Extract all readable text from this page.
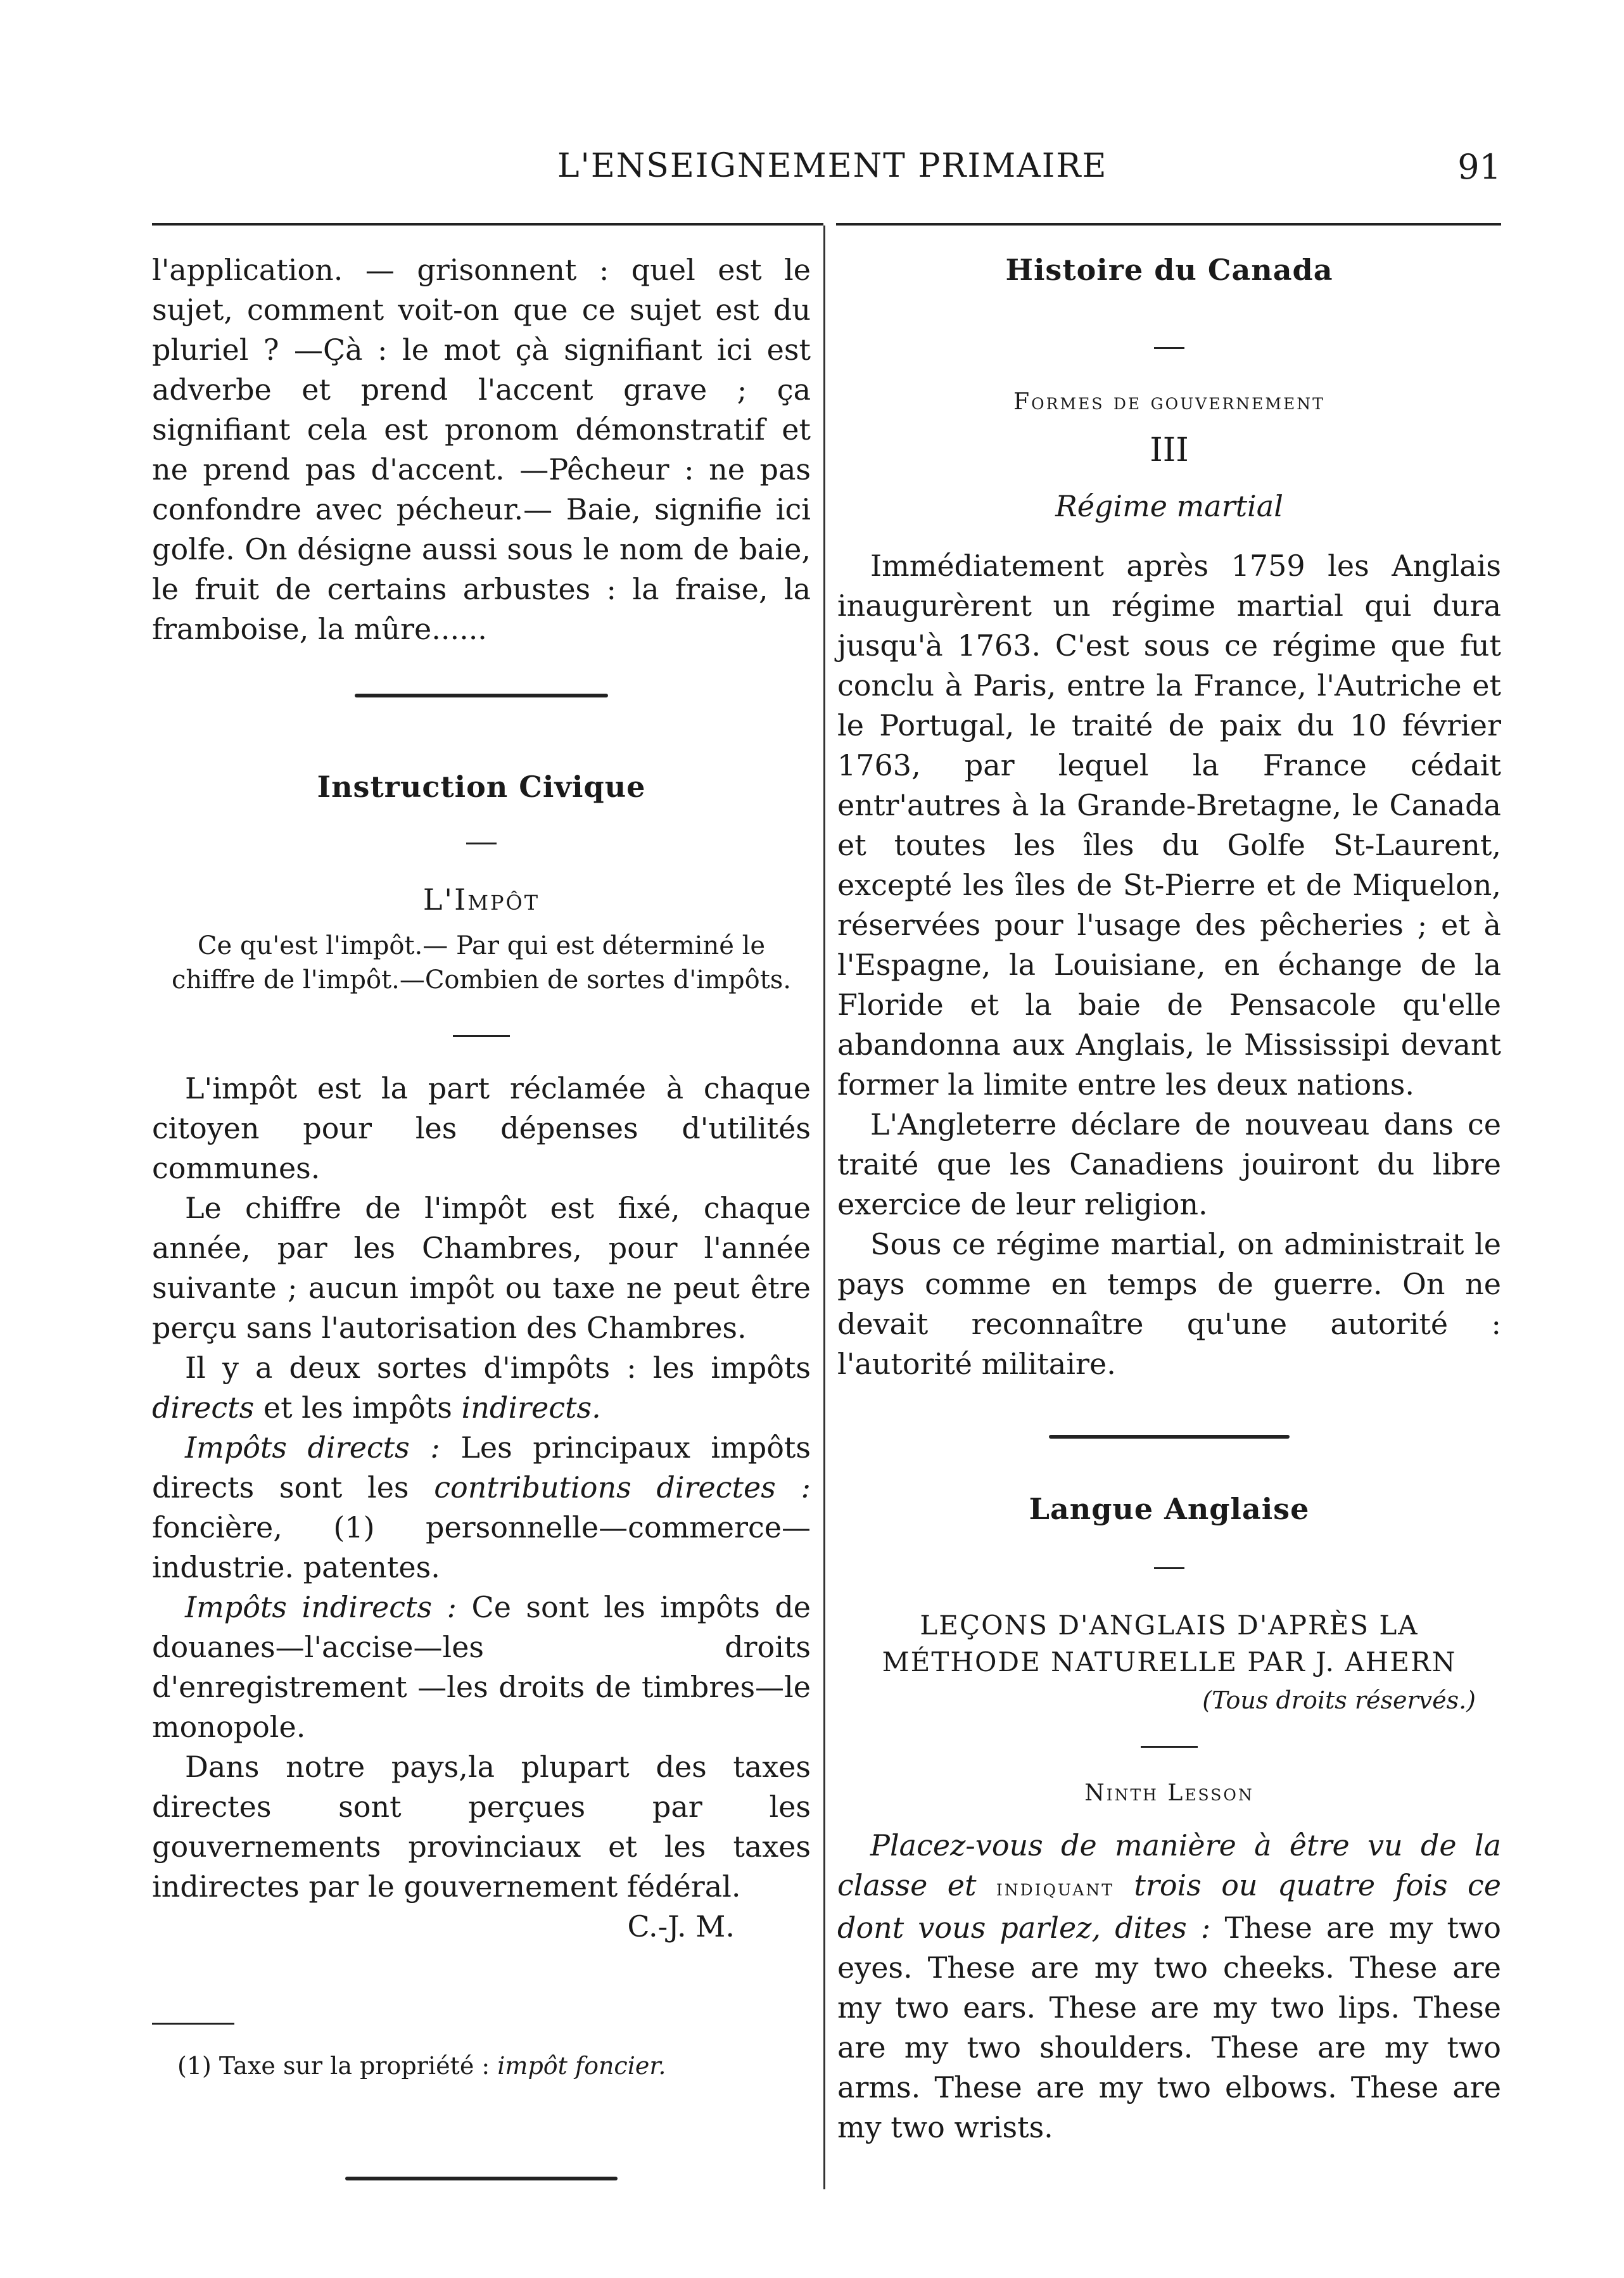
L'ENSEIGNEMENT PRIMAIRE	91

l'application. — grisonnent : quel est le sujet, comment voit-on que ce sujet est du pluriel ? —Çà : le mot çà signifiant ici est adverbe et prend l'accent grave ; ça signifiant cela est pronom démonstratif et ne prend pas d'accent. —Pêcheur : ne pas confondre avec pécheur.— Baie, signifie ici golfe. On désigne aussi sous le nom de baie, le fruit de certains arbustes : la fraise, la framboise, la mûre......

Instruction Civique

L'Impôt

Ce qu'est l'impôt.— Par qui est déterminé le chiffre de l'impôt.—Combien de sortes d'impôts.

L'impôt est la part réclamée à chaque citoyen pour les dépenses d'utilités communes.

Le chiffre de l'impôt est fixé, chaque année, par les Chambres, pour l'année suivante ; aucun impôt ou taxe ne peut être perçu sans l'autorisation des Chambres.

Il y a deux sortes d'impôts : les impôts directs et les impôts indirects.

Impôts directs : Les principaux impôts directs sont les contributions directes : foncière, (1) personnelle—commerce—industrie. patentes.

Impôts indirects : Ce sont les impôts de douanes—l'accise—les droits d'enregistrement —les droits de timbres—le monopole.

Dans notre pays,la plupart des taxes directes sont perçues par les gouvernements provinciaux et les taxes indirectes par le gouvernement fédéral.

C.-J. M.

(1) Taxe sur la propriété : impôt foncier.

Histoire du Canada

Formes de gouvernement

III

Régime martial

Immédiatement après 1759 les Anglais inaugurèrent un régime martial qui dura jusqu'à 1763. C'est sous ce régime que fut conclu à Paris, entre la France, l'Autriche et le Portugal, le traité de paix du 10 février 1763, par lequel la France cédait entr'autres à la Grande-Bretagne, le Canada et toutes les îles du Golfe St-Laurent, excepté les îles de St-Pierre et de Miquelon, réservées pour l'usage des pêcheries ; et à l'Espagne, la Louisiane, en échange de la Floride et la baie de Pensacole qu'elle abandonna aux Anglais, le Mississipi devant former la limite entre les deux nations.

L'Angleterre déclare de nouveau dans ce traité que les Canadiens jouiront du libre exercice de leur religion.

Sous ce régime martial, on administrait le pays comme en temps de guerre. On ne devait reconnaître qu'une autorité : l'autorité militaire.

Langue Anglaise

LEÇONS D'ANGLAIS D'APRÈS LA MÉTHODE NATURELLE PAR J. AHERN

(Tous droits réservés.)

Ninth Lesson

Placez-vous de manière à être vu de la classe et indiquant trois ou quatre fois ce dont vous parlez, dites : These are my two eyes. These are my two cheeks. These are my two ears. These are my two lips. These are my two shoulders. These are my two arms. These are my two elbows. These are my two wrists.
